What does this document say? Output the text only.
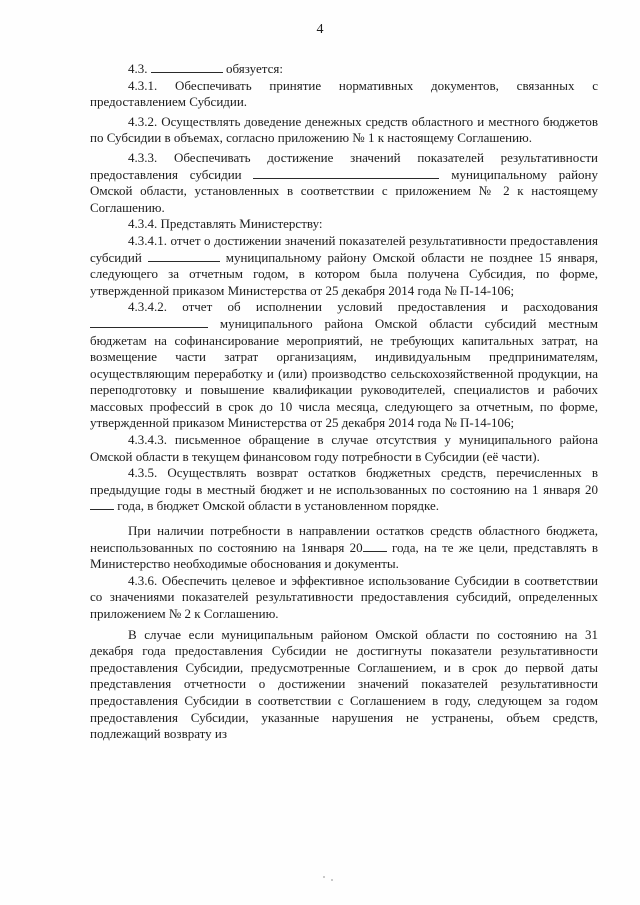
4

4.3.	обязуется:

4.3.1. Обеспечивать принятие нормативных документов, связанных с предоставлением Субсидии.

4.3.2. Осуществлять доведение денежных средств областного и местного бюджетов по Субсидии в объемах, согласно приложению № 1 к настоящему Соглашению.

4.3.3. Обеспечивать достижение значений показателей результативности предоставления субсидии	муниципальному району Омской области, установленных в соответствии с приложением № 2 к настоящему Соглашению.

4.3.4. Представлять Министерству:

4.3.4.1. отчет о достижении значений показателей результативности предоставления субсидий	муниципальному району Омской области не позднее 15 января, следующего за отчетным годом, в котором была получена Субсидия, по форме, утвержденной приказом Министерства от 25 декабря 2014 года № П-14-106;

4.3.4.2. отчет об исполнении условий предоставления и расходования  муниципального района Омской области субсидий местным бюджетам на софинансирование мероприятий, не требующих капитальных затрат, на возмещение части затрат организациям, индивидуальным предпринимателям, осуществляющим переработку и (или) производство сельскохозяйственной продукции, на переподготовку и повышение квалификации руководителей, специалистов и рабочих массовых профессий в срок до 10 числа месяца, следующего за отчетным, по форме, утвержденной приказом Министерства от 25 декабря 2014 года № П-14-106;

4.3.4.3. письменное обращение в случае отсутствия у муниципального района Омской области в текущем финансовом году потребности в Субсидии (её части).

4.3.5. Осуществлять возврат остатков бюджетных средств, перечисленных в предыдущие годы в местный бюджет и не использованных по состоянию на 1 января 20 года, в бюджет Омской области в установленном порядке.

При наличии потребности в направлении остатков средств областного бюджета, неиспользованных по состоянию на 1января 20 года, на те же цели, представлять в Министерство необходимые обоснования и документы.

4.3.6. Обеспечить целевое и эффективное использование Субсидии в соответствии со значениями показателей результативности предоставления субсидий, определенных приложением № 2 к Соглашению.

В случае если муниципальным районом Омской области по состоянию на 31 декабря года предоставления Субсидии не достигнуты показатели результативности предоставления Субсидии, предусмотренные Соглашением, и в срок до первой даты представления отчетности о достижении значений показателей результативности предоставления Субсидии в соответствии с Соглашением в году, следующем за годом предоставления Субсидии, указанные нарушения не устранены, объем средств, подлежащий возврату из
